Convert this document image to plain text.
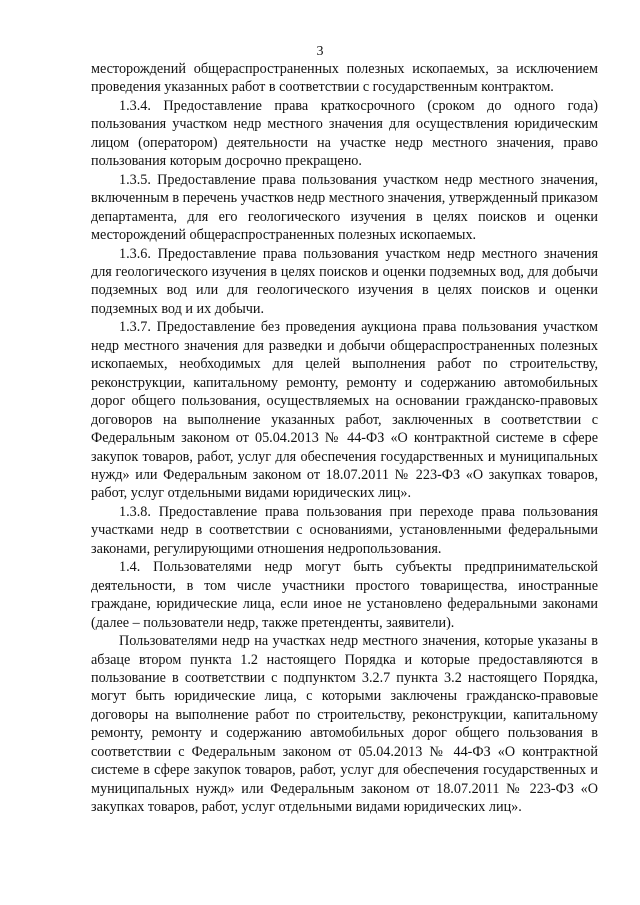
3

месторождений общераспространенных полезных ископаемых, за исключением проведения указанных работ в соответствии с государственным контрактом.

1.3.4. Предоставление права краткосрочного (сроком до одного года) пользования участком недр местного значения для осуществления юридическим лицом (оператором) деятельности на участке недр местного значения, право пользования которым досрочно прекращено.

1.3.5. Предоставление права пользования участком недр местного значения, включенным в перечень участков недр местного значения, утвержденный приказом департамента, для его геологического изучения в целях поисков и оценки месторождений общераспространенных полезных ископаемых.

1.3.6. Предоставление права пользования участком недр местного значения для геологического изучения в целях поисков и оценки подземных вод, для добычи подземных вод или для геологического изучения в целях поисков и оценки подземных вод и их добычи.

1.3.7. Предоставление без проведения аукциона права пользования участком недр местного значения для разведки и добычи общераспространенных полезных ископаемых, необходимых для целей выполнения работ по строительству, реконструкции, капитальному ремонту, ремонту и содержанию автомобильных дорог общего пользования, осуществляемых на основании гражданско-правовых договоров на выполнение указанных работ, заключенных в соответствии с Федеральным законом от 05.04.2013 № 44-ФЗ «О контрактной системе в сфере закупок товаров, работ, услуг для обеспечения государственных и муниципальных нужд» или Федеральным законом от 18.07.2011 № 223-ФЗ «О закупках товаров, работ, услуг отдельными видами юридических лиц».

1.3.8. Предоставление права пользования при переходе права пользования участками недр в соответствии с основаниями, установленными федеральными законами, регулирующими отношения недропользования.

1.4. Пользователями недр могут быть субъекты предпринимательской деятельности, в том числе участники простого товарищества, иностранные граждане, юридические лица, если иное не установлено федеральными законами (далее – пользователи недр, также претенденты, заявители).

Пользователями недр на участках недр местного значения, которые указаны в абзаце втором пункта 1.2 настоящего Порядка и которые предоставляются в пользование в соответствии с подпунктом 3.2.7 пункта 3.2 настоящего Порядка, могут быть юридические лица, с которыми заключены гражданско-правовые договоры на выполнение работ по строительству, реконструкции, капитальному ремонту, ремонту и содержанию автомобильных дорог общего пользования в соответствии с Федеральным законом от 05.04.2013 № 44-ФЗ «О контрактной системе в сфере закупок товаров, работ, услуг для обеспечения государственных и муниципальных нужд» или Федеральным законом от 18.07.2011 № 223-ФЗ «О закупках товаров, работ, услуг отдельными видами юридических лиц».
